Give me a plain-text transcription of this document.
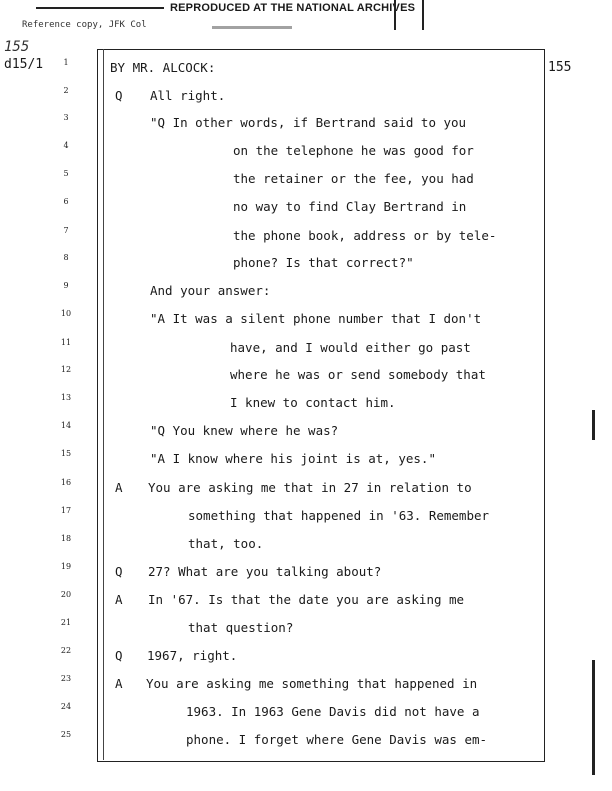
REPRODUCED AT THE NATIONAL ARCHIVES
Reference copy, JFK Col
155
d15/1	155
1	BY MR. ALCOCK:
2	Q All right.
3	"Q In other words, if Bertrand said to you
4	on the telephone he was good for
5	the retainer or the fee, you had
6	no way to find Clay Bertrand in
7	the phone book, address or by tele-
8	phone? Is that correct?"
9	And your answer:
10	"A It was a silent phone number that I don't
11	have, and I would either go past
12	where he was or send somebody that
13	I knew to contact him.
14	"Q You knew where he was?
15	"A I know where his joint is at, yes."
16	A You are asking me that in 27 in relation to
17	something that happened in '63. Remember
18	that, too.
19	Q 27? What are you talking about?
20	A In '67. Is that the date you are asking me
21	that question?
22	Q 1967, right.
23	A You are asking me something that happened in
24	1963. In 1963 Gene Davis did not have a
25	phone. I forget where Gene Davis was em-
